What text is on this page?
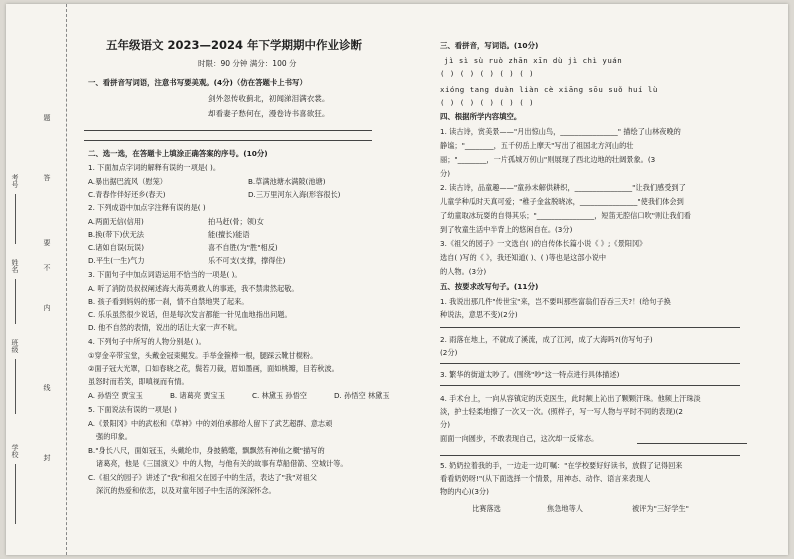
学校
班级
姓名
考号
题
答
要
不
内
线
封
五年级语文 2023—2024 年下学期期中作业诊断
时限：90 分钟 满分：100 分
一、看拼音写词语，注意书写要美观。(4分)（仿在答题卡上书写）
剑外忽传收蓟北，初闻涕泪满衣裳。
却看妻子愁何在，漫卷诗书喜欲狂。
二、选一选，在答题卡上填涂正确答案的序号。(10分)
1. 下面加点字词的解释有误的一项是( )。
A.暴出据巴流风（慰笼）	B.草满池塘水满陂(池塘)
C.青春作伴好还乡(春天)	D.三万里河东入海(形容很长)
2. 下列成语中加点字注释有误的是( )
A.两面无信(信用)	拍马赶(骨；领)女
B.换(带下)伏无法	能(擅长)能语
C.诸如自误(玩误)	喜不自胜(为"胜"相反)
D.平生(一生)气力	乐不可支(支撑，撑得住)
3. 下面句子中加点词语运用不恰当的一项是( )。
A. 听了消防员叔叔阐述海大海英勇救人的事迹，我不禁肃然起敬。
B. 孩子看到妈妈的那一刹，情不自禁地哭了起来。
C. 乐乐虽然很少说话，但是每次发言都能一针见血地指出问题。
D. 他不自然的表情，说出的话让大家一声不吭。
4. 下列句子中所写的人物分别是( )。
①穿金辛带宝堂，头戴金冠束鲲发。手举金箍棒一根，腿踩云靴甘棍粉。
②面子冠大光罩，口如春晓之花，鬓若刀裁，眉如墨画，面如桃瓣，目若秋波。
虽怒时而若笑，即嗔视而有情。
A. 孙悟空 贾宝玉	B. 诸葛亮 贾宝玉	C. 林黛玉 孙悟空	D. 孙悟空 林黛玉
5. 下面说法有误的一项是( )
A.《景阳冈》中的武松和《草神》中的刘伯承都给人留下了武艺超群、意志顽
强的印象。
B."身长八尺，面如冠玉，头戴纶巾，身披鹤氅，飘飘然有神仙之概"描写的
诸葛亮，他是《三国演义》中的人物，与他有关的故事有草船借箭、空城计等。
C.《祖父的园子》讲述了"我"和祖父在园子中的生活，表达了"我"对祖父
深沉的热爱和依恋，以及对童年园子中生活的深深怀念。
三、看拼音，写词语。(10分)
jì sì sù ruò zhān xīn dù jì chì yuán
( ) ( ) ( ) ( ) ( )
xióng tang duàn liàn cè xiāng sōu suǒ huí lù
( ) ( ) ( ) ( ) ( )
四、根据所学内容填空。
1. 读古诗，赏美景——"月出惊山鸟，________________" 描绘了山林夜晚的
静谧；"________，五千仞岳上摩天"写出了祖国北方河山的壮
丽；"________，一片孤城万仞山"则展现了西北边地的壮阔景象。(3
分)
2. 读古诗，品童趣——"童孙未解供耕织，________________"让我们感受到了
儿童学种瓜时天真可爱；"稚子金盆脱晓冰，________________"使我们体会到
了幼童取冰玩耍的自得其乐；"________________，短笛无腔信口吹"则让我们看
到了牧童生活中半背上的悠闲自在。(3分)
3.《祖父的园子》一文选自( )的自传体长篇小说《 》;《景阳冈》
选自( )写的《 》，我还知道( )、( )等也是这部小说中
的人物。(3分)
五、按要求改写句子。(11分)
1. 我说出那几件"传世宝"来，岂不要叫那些富翁们吞吞三天?！(给句子换
种说法，意思不变)(2分)
2. 雨落在地上，不就成了溪流，成了江河，成了大海吗?(仿写句子)
(2分)
3. 繁华的街道太吵了。(围绕"吵"这一特点进行具体描述)
4. 手术台上，一向从容镇定的沃克医生，此时额上沁出了颗颗汗珠。他频上汗珠淡
淡，护士轻柔地擦了一次又一次。(照样子，写一写人物与平时不同的表现)(2
分)
面面一向圆步，不敢表现自己，这次却一反常态。
5. 奶奶拉着我的手，一边走一边叮嘱："在学校要好好读书，放假了记得回来
看看奶奶呀!"(从下面选择一个情景，用神态、动作、语言来表现人
物的内心)(3分)
比赛落选	焦急地等人	被评为"三好学生"
